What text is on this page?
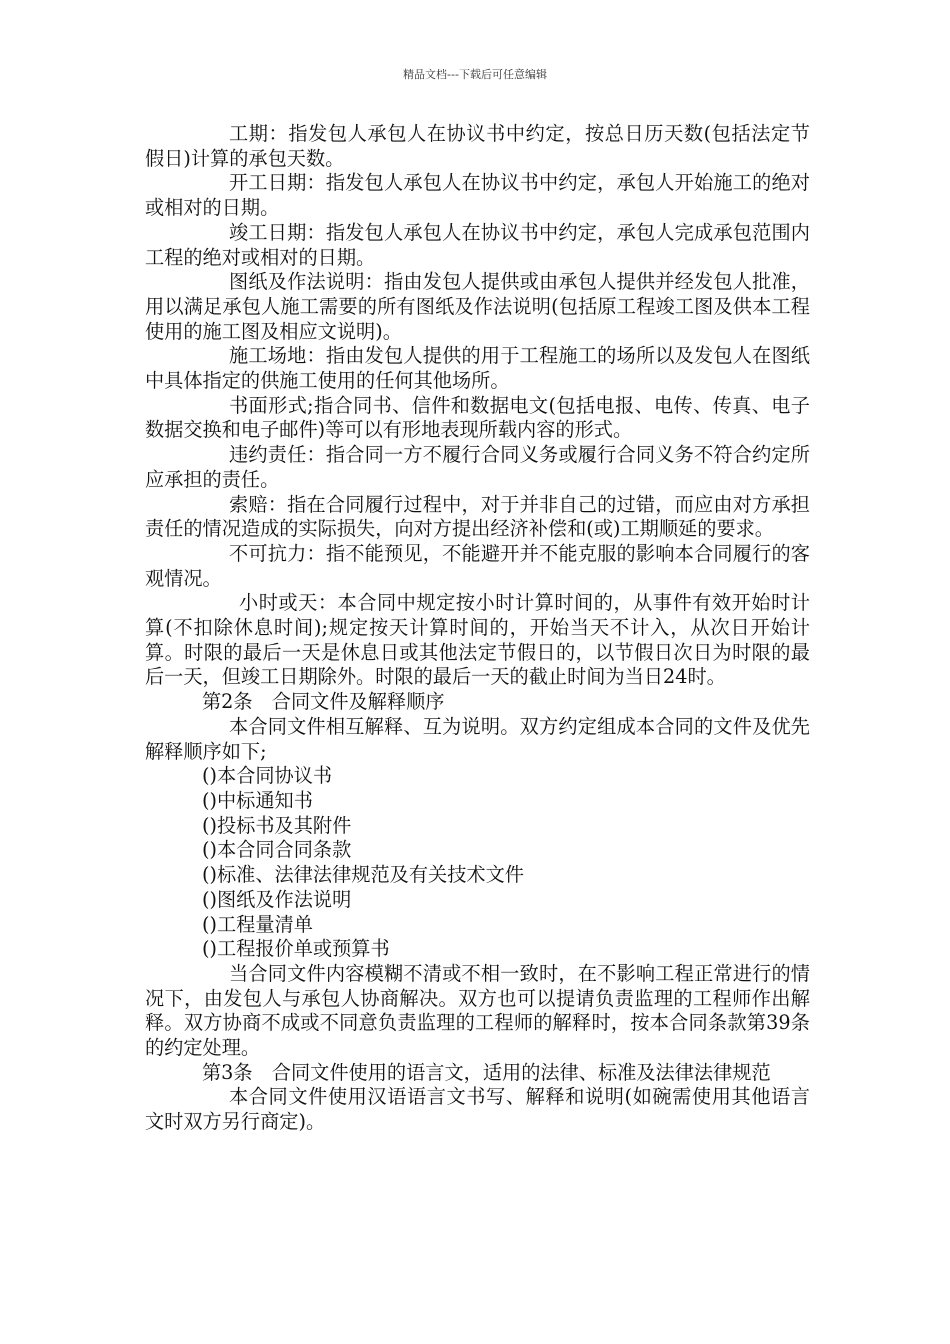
精品文档---下载后可任意编辑

工期：指发包人承包人在协议书中约定，按总日历天数(包括法定节假日)计算的承包天数。

开工日期：指发包人承包人在协议书中约定，承包人开始施工的绝对或相对的日期。

竣工日期：指发包人承包人在协议书中约定，承包人完成承包范围内工程的绝对或相对的日期。

图纸及作法说明：指由发包人提供或由承包人提供并经发包人批准，用以满足承包人施工需要的所有图纸及作法说明(包括原工程竣工图及供本工程使用的施工图及相应文说明)。

施工场地：指由发包人提供的用于工程施工的场所以及发包人在图纸中具体指定的供施工使用的任何其他场所。

书面形式;指合同书、信件和数据电文(包括电报、电传、传真、电子数据交换和电子邮件)等可以有形地表现所载内容的形式。

违约责任：指合同一方不履行合同义务或履行合同义务不符合约定所应承担的责任。

索赔：指在合同履行过程中，对于并非自己的过错，而应由对方承担责任的情况造成的实际损失，向对方提出经济补偿和(或)工期顺延的要求。

不可抗力：指不能预见，不能避开并不能克服的影响本合同履行的客观情况。

小时或天：本合同中规定按小时计算时间的，从事件有效开始时计算(不扣除休息时间);规定按天计算时间的，开始当天不计入，从次日开始计算。时限的最后一天是休息日或其他法定节假日的，以节假日次日为时限的最后一天，但竣工日期除外。时限的最后一天的截止时间为当日24时。

第2条　合同文件及解释顺序

本合同文件相互解释、互为说明。双方约定组成本合同的文件及优先解释顺序如下;

()本合同协议书

()中标通知书

()投标书及其附件

()本合同合同条款

()标准、法律法律规范及有关技术文件

()图纸及作法说明

()工程量清单

()工程报价单或预算书

当合同文件内容模糊不清或不相一致时，在不影响工程正常进行的情况下，由发包人与承包人协商解决。双方也可以提请负责监理的工程师作出解释。双方协商不成或不同意负责监理的工程师的解释时，按本合同条款第39条的约定处理。

第3条　合同文件使用的语言文，适用的法律、标准及法律法律规范

本合同文件使用汉语语言文书写、解释和说明(如碗需使用其他语言文时双方另行商定)。
